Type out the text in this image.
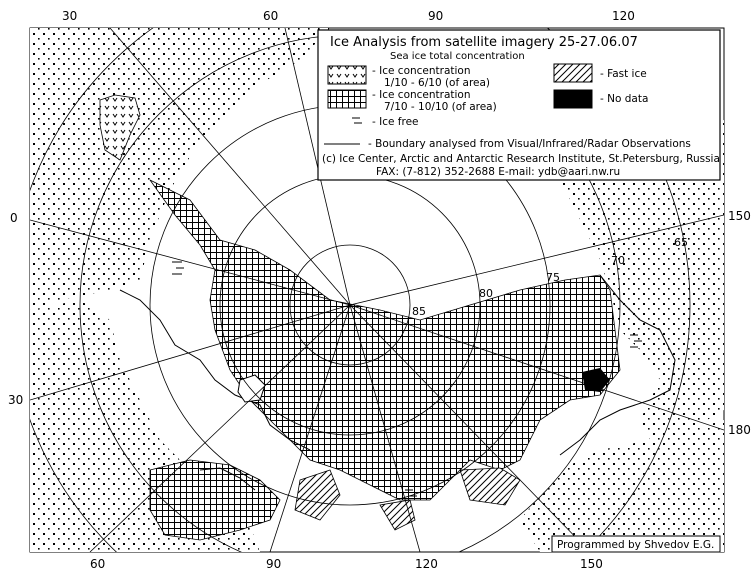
65
70
75
80
85
30	60	90	120
60	90	120	150
0
30
150
180
Ice Analysis from satellite imagery 25-27.06.07
Sea ice total concentration
- Ice concentration
1/10 - 6/10 (of area)
- Ice concentration
7/10 - 10/10 (of area)
- Ice free
- Fast ice
- No data
- Boundary analysed from Visual/Infrared/Radar Observations
(c) Ice Center, Arctic and Antarctic Research Institute, St.Petersburg, Russia
FAX: (7-812) 352-2688 E-mail: ydb@aari.nw.ru
Programmed by Shvedov E.G.
